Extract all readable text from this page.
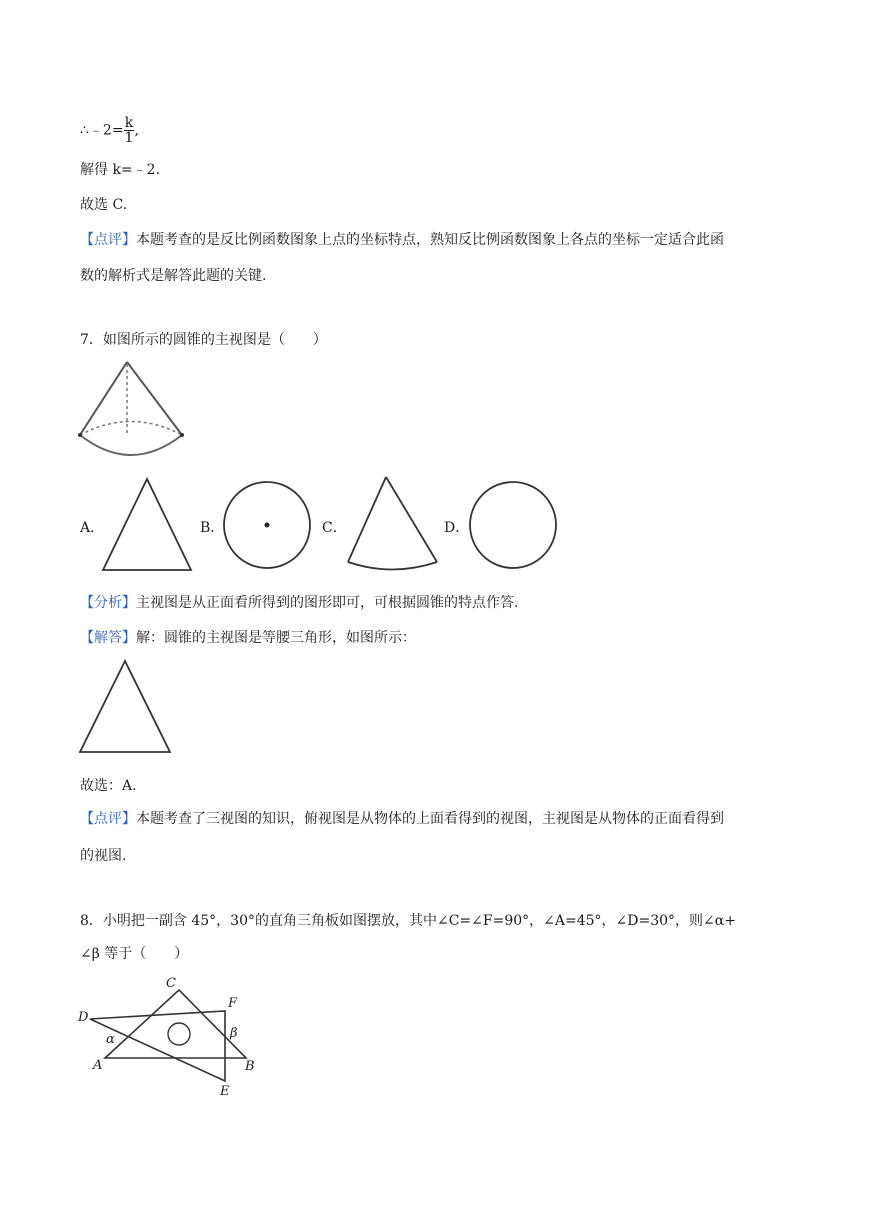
∴﹣2= $\frac{k}{1}$ ,
解得 k=﹣2.
故选 C.
【点评】本题考查的是反比例函数图象上点的坐标特点，熟知反比例函数图象上各点的坐标一定适合此函
数的解析式是解答此题的关键.
7．如图所示的圆锥的主视图是（　　）
A．	B．	C．	D．
【分析】主视图是从正面看所得到的图形即可，可根据圆锥的特点作答.
【解答】解：圆锥的主视图是等腰三角形，如图所示：
故选：A.
【点评】本题考查了三视图的知识，俯视图是从物体的上面看得到的视图，主视图是从物体的正面看得到
的视图.
8．小明把一副含 45°，30°的直角三角板如图摆放，其中∠C=∠F=90°，∠A=45°，∠D=30°，则∠α+
∠β 等于（　　）
C
F
D
β
α
A	B
E
